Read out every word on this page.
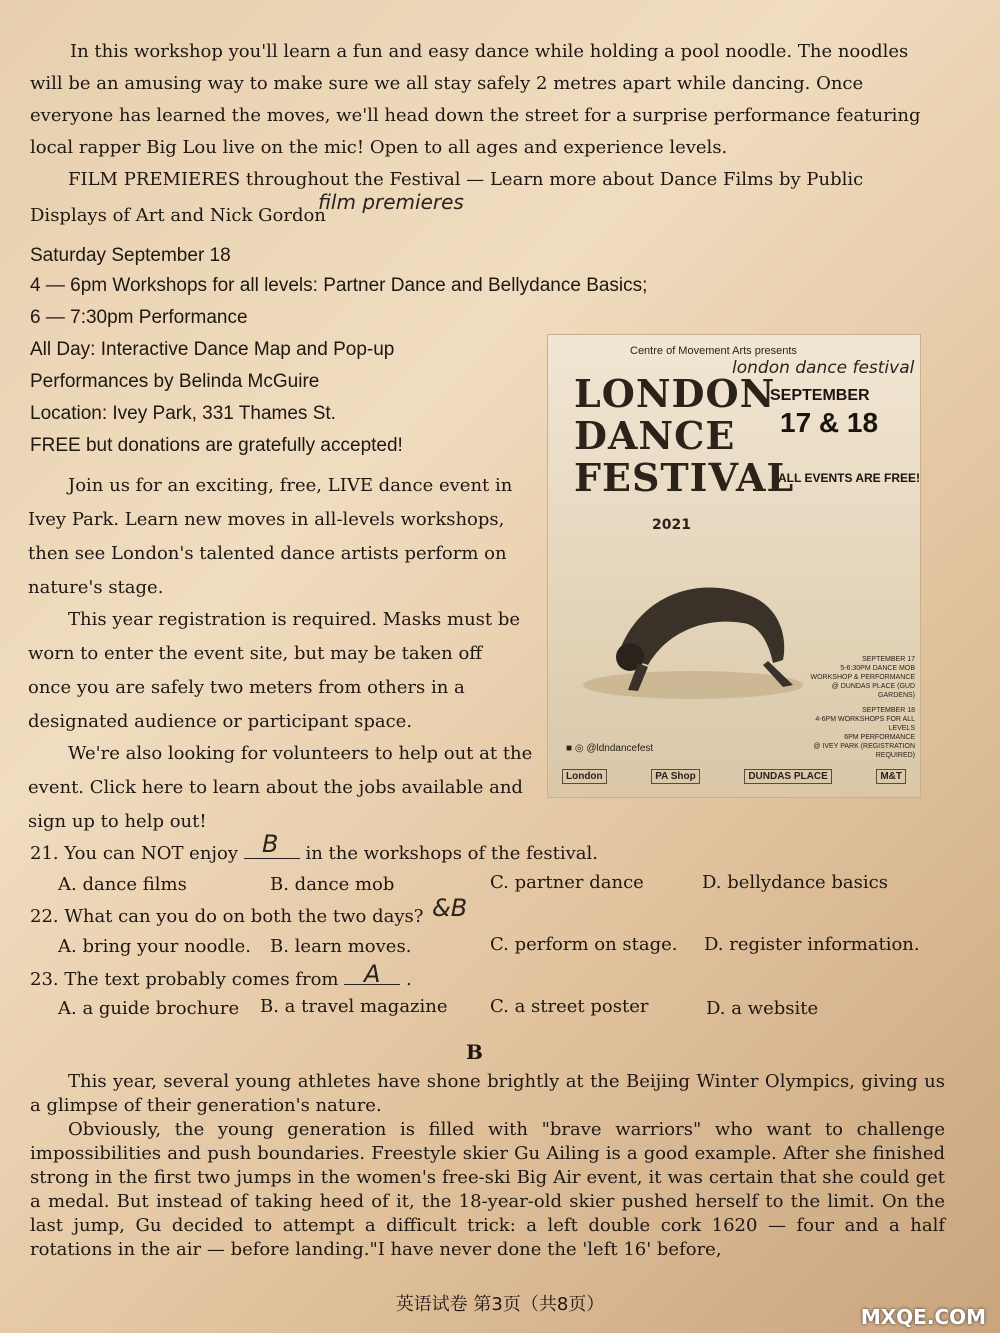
In this workshop you'll learn a fun and easy dance while holding a pool noodle. The noodles
will be an amusing way to make sure we all stay safely 2 metres apart while dancing. Once
everyone has learned the moves, we'll head down the street for a surprise performance featuring
local rapper Big Lou live on the mic! Open to all ages and experience levels.
FILM PREMIERES throughout the Festival — Learn more about Dance Films by Public
Displays of Art and Nick Gordon
film premieres
Saturday September 18
4 — 6pm Workshops for all levels: Partner Dance and Bellydance Basics;
6 — 7:30pm Performance
All Day: Interactive Dance Map and Pop-up
Performances by Belinda McGuire
Location: Ivey Park, 331 Thames St.
FREE but donations are gratefully accepted!
Join us for an exciting, free, LIVE dance event in
Ivey Park. Learn new moves in all-levels workshops,
then see London's talented dance artists perform on
nature's stage.
This year registration is required. Masks must be
worn to enter the event site, but may be taken off
once you are safely two meters from others in a
designated audience or participant space.
We're also looking for volunteers to help out at the
event. Click here to learn about the jobs available and
sign up to help out!
Centre of Movement Arts presents
LONDON
DANCE
FESTIVAL
2021
SEPTEMBER
17 & 18
ALL EVENTS ARE FREE!
SEPTEMBER 17
5-6:30PM DANCE MOB
WORKSHOP & PERFORMANCE
@ DUNDAS PLACE (GUD GARDENS)
SEPTEMBER 18
4-6PM WORKSHOPS FOR ALL LEVELS
6PM PERFORMANCE
@ IVEY PARK (REGISTRATION REQUIRED)
■ ◎ @ldndancefest
London	PA Shop	DUNDAS PLACE	M&T
london dance festival
21. You can NOT enjoy	in the workshops of the festival.
B
A. dance films	B. dance mob	C. partner dance	D. bellydance basics
22. What can you do on both the two days? &B
A. bring your noodle. B. learn moves.	C. perform on stage. D. register information.
23. The text probably comes from	.
A
A. a guide brochure B. a travel magazine C. a street poster	D. a website
B
This year, several young athletes have shone brightly at the Beijing Winter Olympics, giving us a glimpse of their generation's nature.
Obviously, the young generation is filled with "brave warriors" who want to challenge impossibilities and push boundaries. Freestyle skier Gu Ailing is a good example. After she finished strong in the first two jumps in the women's free-ski Big Air event, it was certain that she could get a medal. But instead of taking heed of it, the 18-year-old skier pushed herself to the limit. On the last jump, Gu decided to attempt a difficult trick: a left double cork 1620 — four and a half rotations in the air — before landing."I have never done the 'left 16' before,
英语试卷 第3页（共8页）
MXQE.COM
